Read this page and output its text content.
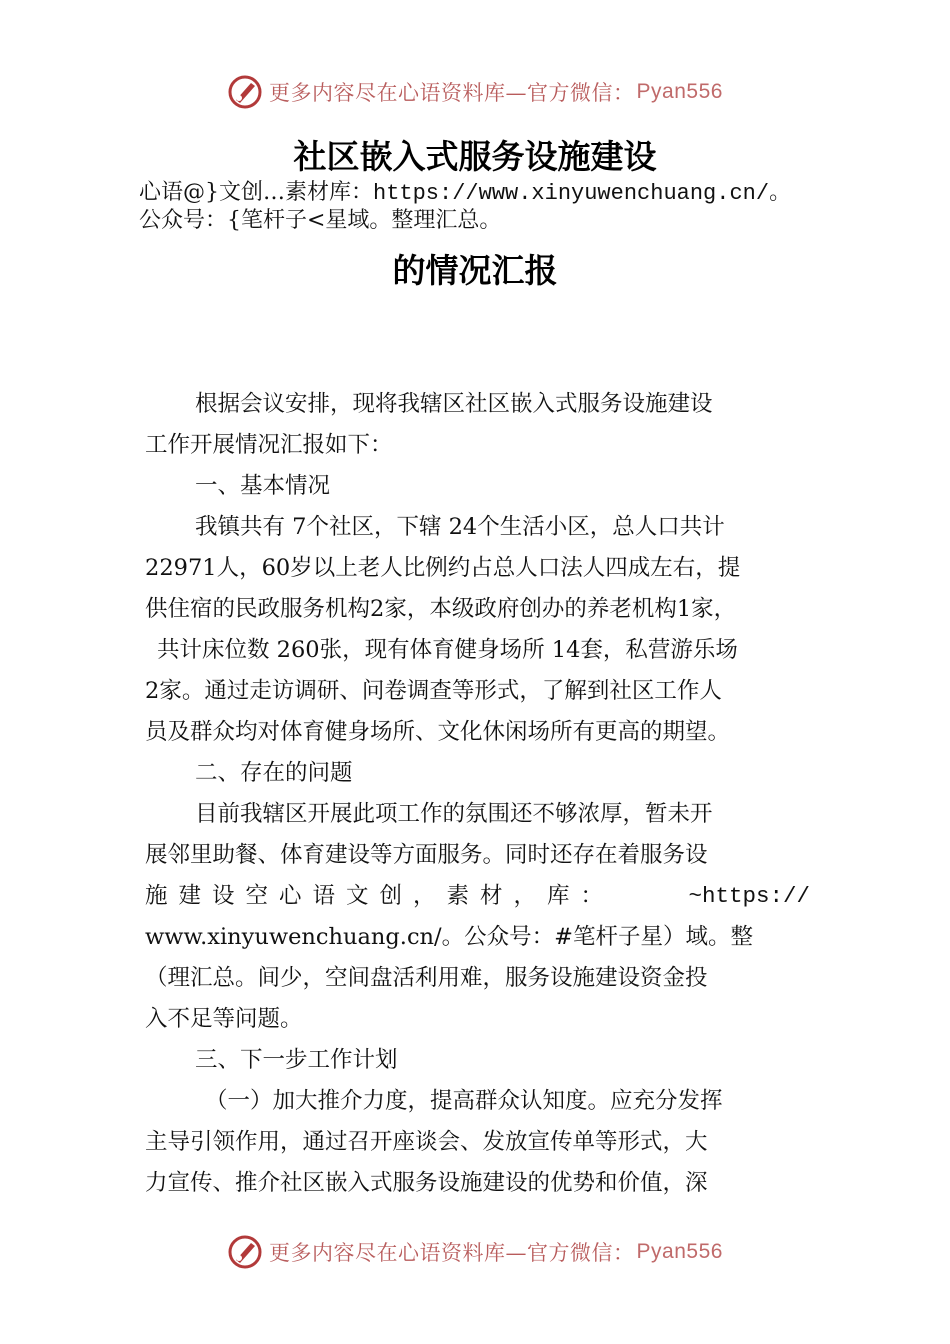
更多内容尽在心语资料库—官方微信： Pyan556
社区嵌入式服务设施建设
心语@}文创…素材库：https://www.xinyuwenchuang.cn/。
公众号：{笔杆子<星域。整理汇总。
的情况汇报
根据会议安排，现将我辖区社区嵌入式服务设施建设
工作开展情况汇报如下：
一、基本情况
我镇共有 7个社区，下辖 24个生活小区，总人口共计
22971人，60岁以上老人比例约占总人口法人四成左右，提
供住宿的民政服务机构2家，本级政府创办的养老机构1家，
共计床位数 260张，现有体育健身场所 14套，私营游乐场
2家。通过走访调研、问卷调查等形式，了解到社区工作人
员及群众均对体育健身场所、文化休闲场所有更高的期望。
二、存在的问题
目前我辖区开展此项工作的氛围还不够浓厚，暂未开
展邻里助餐、体育建设等方面服务。同时还存在着服务设
施建设空心语文创，素材，库：	~https://
www.xinyuwenchuang.cn/。公众号：#笔杆子星）域。整
（理汇总。间少，空间盘活利用难，服务设施建设资金投
入不足等问题。
三、下一步工作计划
（一）加大推介力度，提高群众认知度。应充分发挥
主导引领作用，通过召开座谈会、发放宣传单等形式，大
力宣传、推介社区嵌入式服务设施建设的优势和价值，深
更多内容尽在心语资料库—官方微信： Pyan556
